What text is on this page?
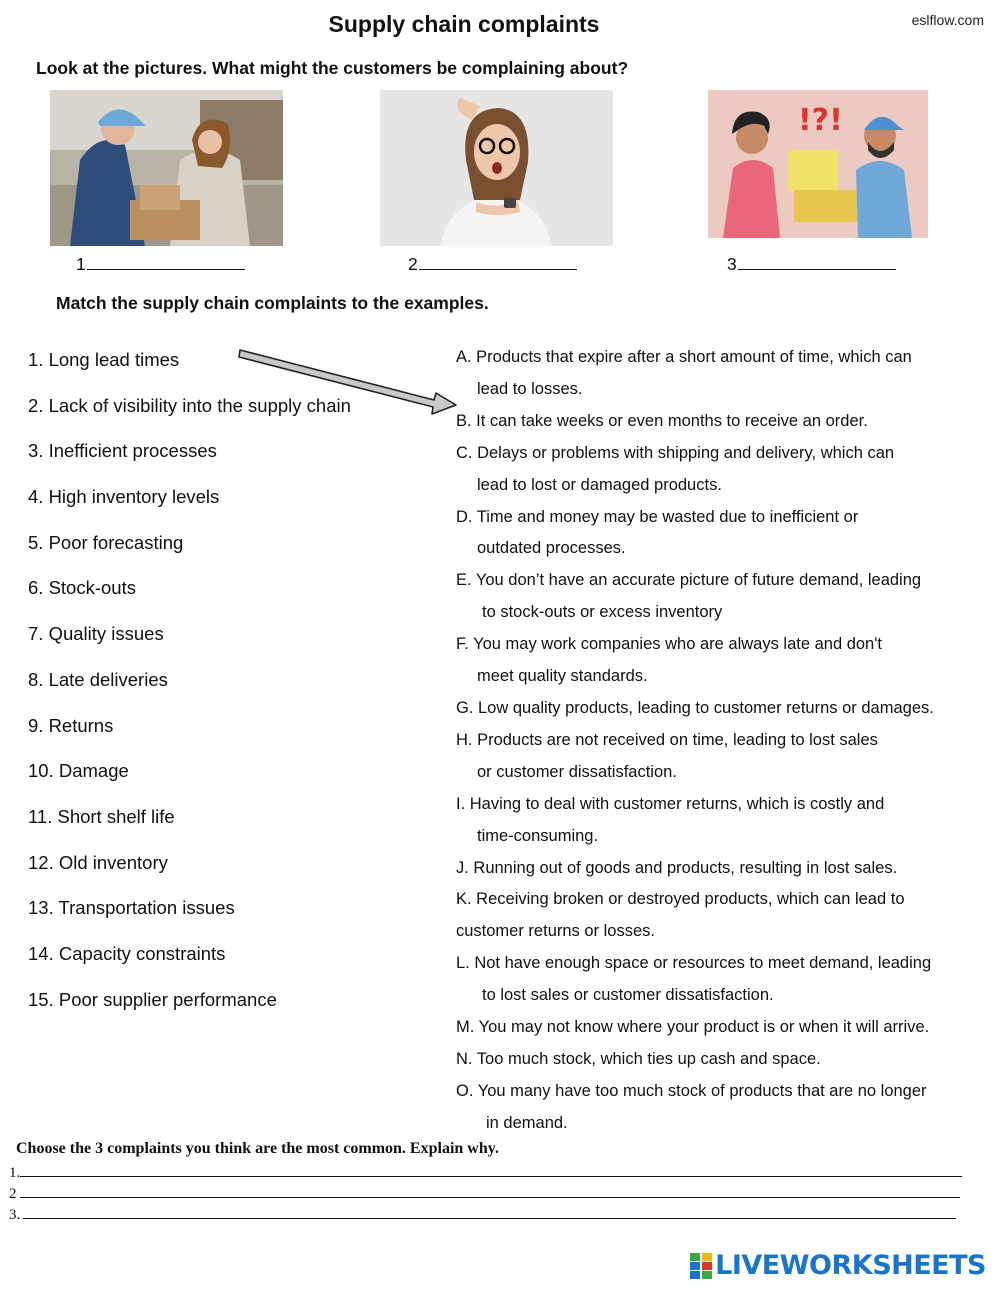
Supply chain complaints	eslflow.com
Look at the pictures. What might the customers be complaining about?
!?!
1	2	3
Match the supply chain complaints to the examples.
1. Long lead times
2. Lack of visibility into the supply chain
3. Inefficient processes
4. High inventory levels
5. Poor forecasting
6. Stock-outs
7. Quality issues
8. Late deliveries
9. Returns
10. Damage
11. Short shelf life
12. Old inventory
13. Transportation issues
14. Capacity constraints
15. Poor supplier performance
A. Products that expire after a short amount of time, which can
lead to losses.
B. It can take weeks or even months to receive an order.
C. Delays or problems with shipping and delivery, which can
lead to lost or damaged products.
D. Time and money may be wasted due to inefficient or
outdated processes.
E. You don’t have an accurate picture of future demand, leading
to stock-outs or excess inventory
F. You may work companies who are always late and don't
meet quality standards.
G. Low quality products, leading to customer returns or damages.
H. Products are not received on time, leading to lost sales
or customer dissatisfaction.
I. Having to deal with customer returns, which is costly and
time-consuming.
J. Running out of goods and products, resulting in lost sales.
K. Receiving broken or destroyed products, which can lead to
customer returns or losses.
L. Not have enough space or resources to meet demand, leading
to lost sales or customer dissatisfaction.
M. You may not know where your product is or when it will arrive.
N. Too much stock, which ties up cash and space.
O. You many have too much stock of products that are no longer
in demand.
Choose the 3 complaints you think are the most common. Explain why.
1.
2
3.
LIVEWORKSHEETS
